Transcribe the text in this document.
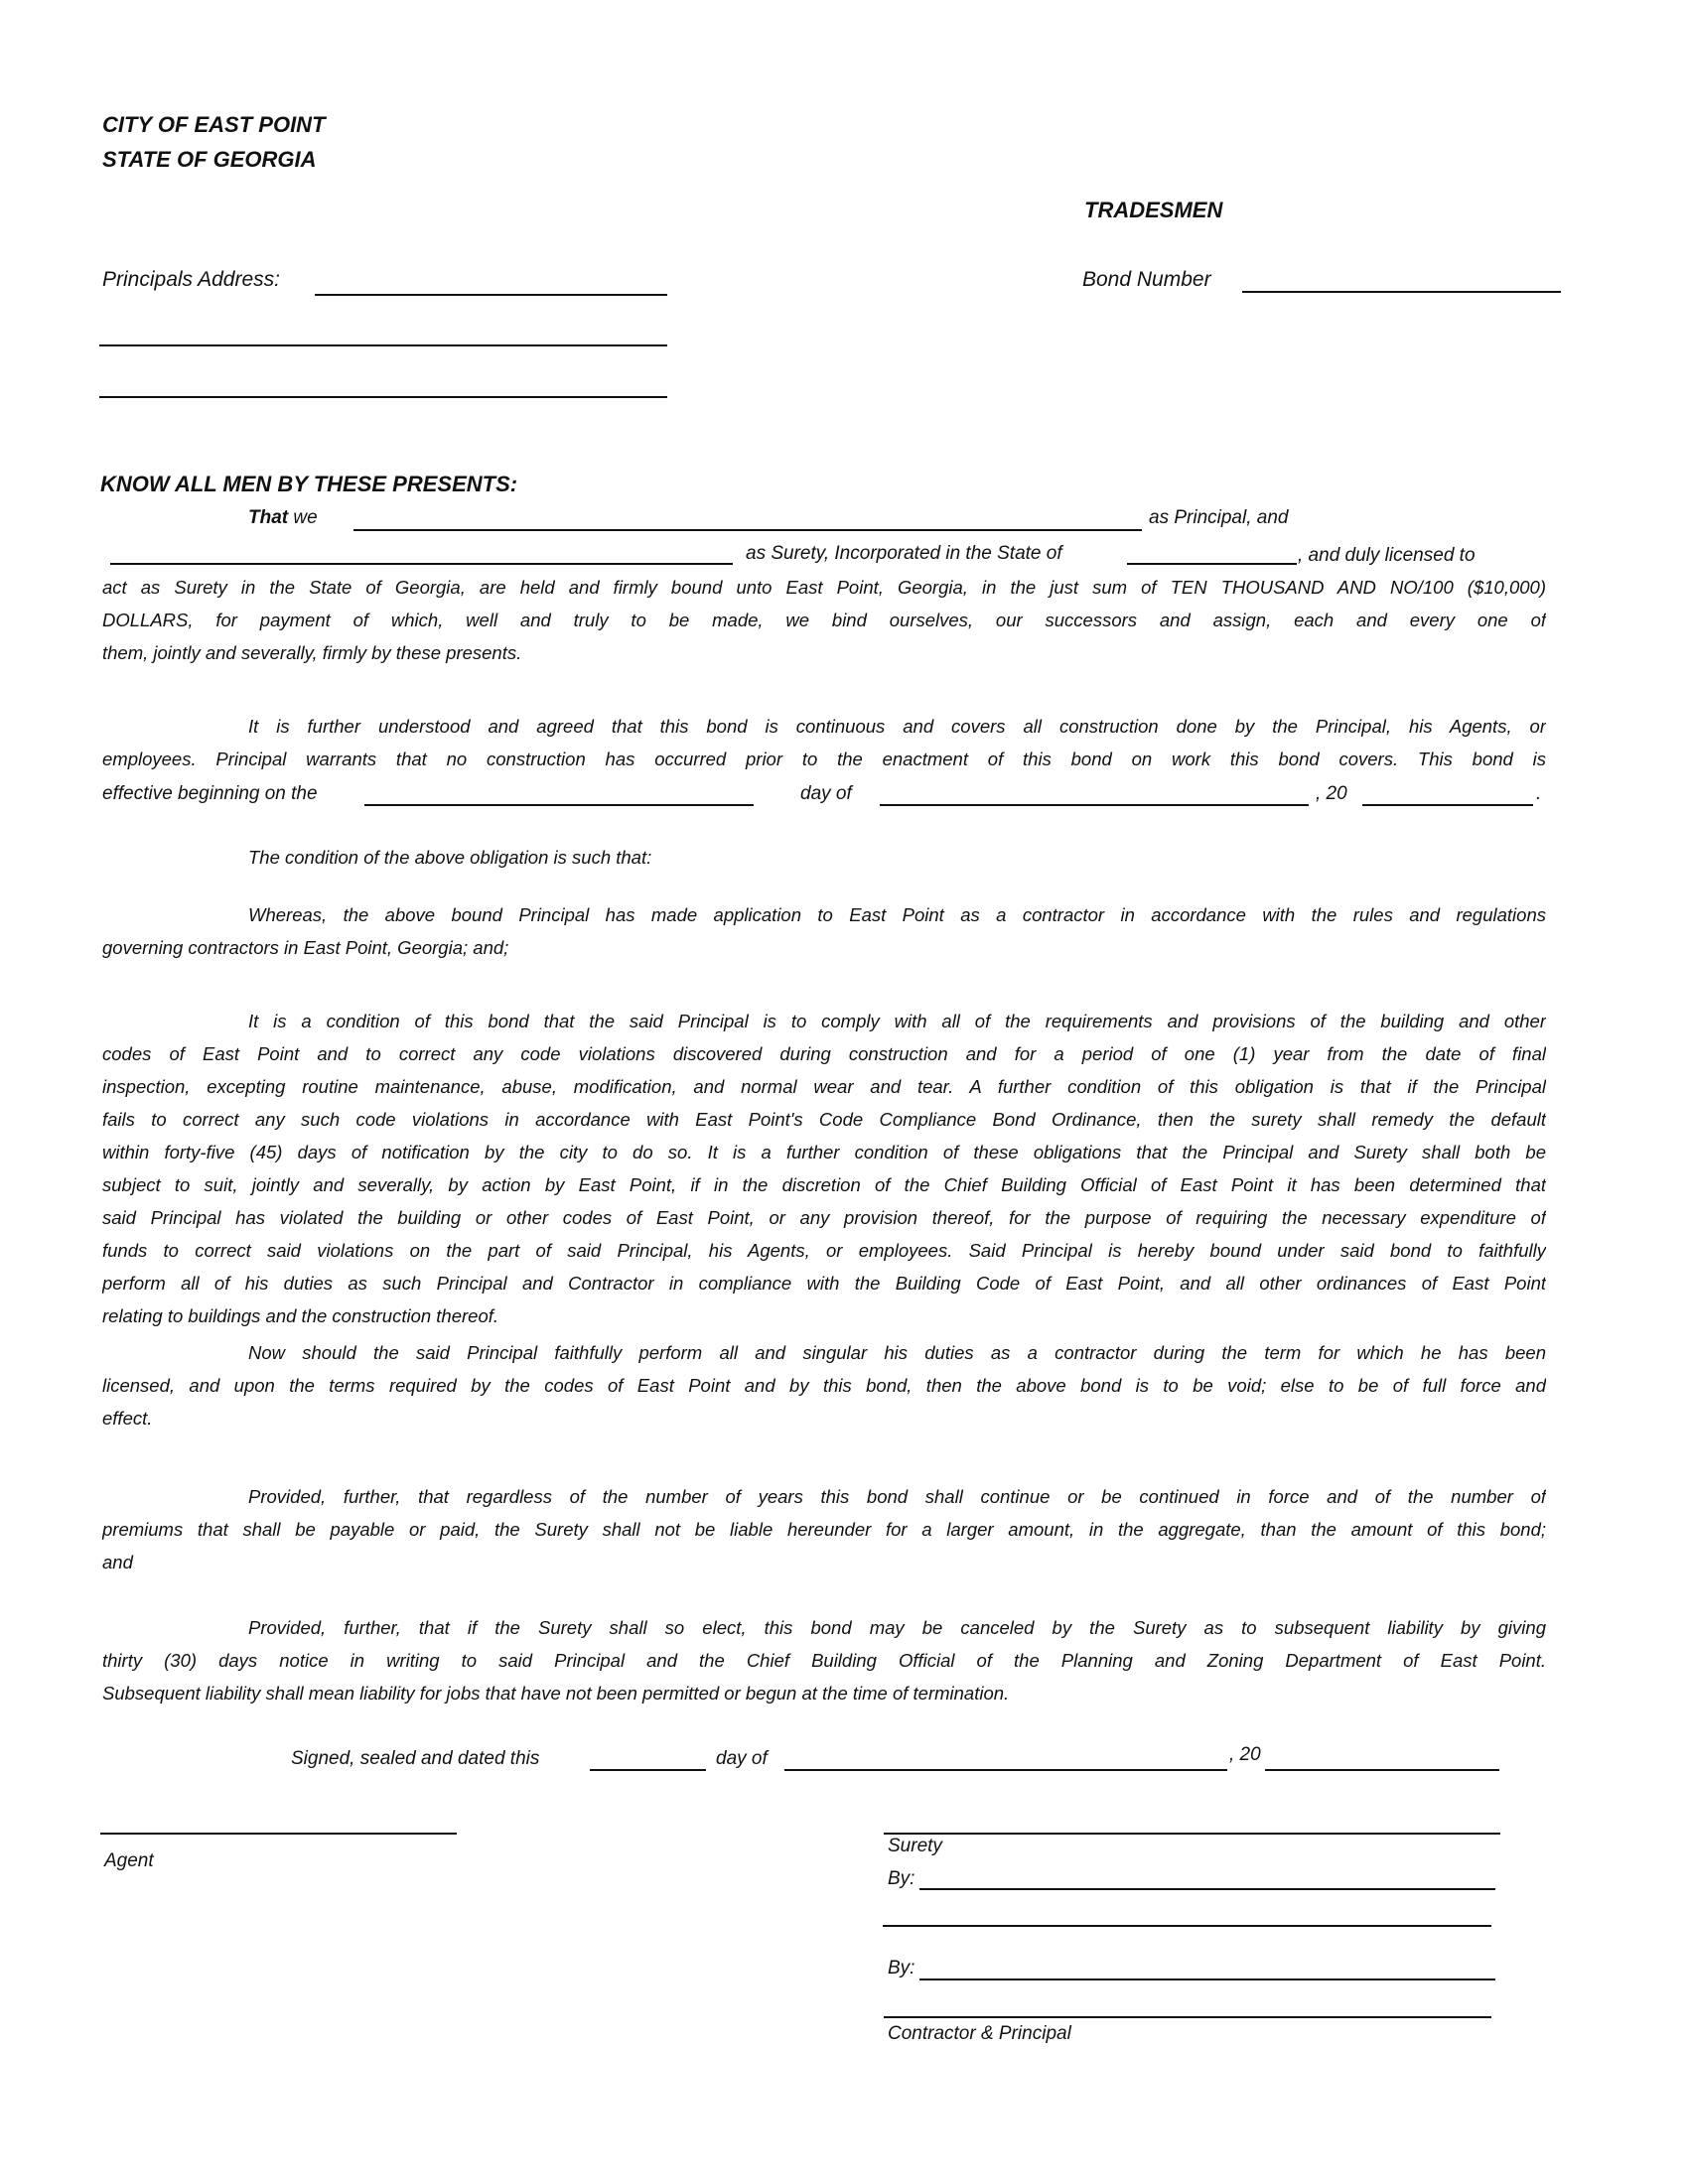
CITY OF EAST POINT
STATE OF GEORGIA
TRADESMEN
Principals Address:	Bond Number
KNOW ALL MEN BY THESE PRESENTS:
That we	as Principal, and
as Surety, Incorporated in the State of	, and duly licensed to
act as Surety in the State of Georgia, are held and firmly bound unto East Point, Georgia, in the just sum of TEN THOUSAND AND NO/100 ($10,000)
DOLLARS, for payment of which, well and truly to be made, we bind ourselves, our successors and assign, each and every one of
them, jointly and severally, firmly by these presents.
It is further understood and agreed that this bond is continuous and covers all construction done by the Principal, his Agents, or
employees. Principal warrants that no construction has occurred prior to the enactment of this bond on work this bond covers. This bond is
effective beginning on the	day of	, 20	.
The condition of the above obligation is such that:
Whereas, the above bound Principal has made application to East Point as a contractor in accordance with the rules and regulations
governing contractors in East Point, Georgia; and;
It is a condition of this bond that the said Principal is to comply with all of the requirements and provisions of the building and other
codes of East Point and to correct any code violations discovered during construction and for a period of one (1) year from the date of final
inspection, excepting routine maintenance, abuse, modification, and normal wear and tear. A further condition of this obligation is that if the Principal
fails to correct any such code violations in accordance with East Point's Code Compliance Bond Ordinance, then the surety shall remedy the default
within forty-five (45) days of notification by the city to do so. It is a further condition of these obligations that the Principal and Surety shall both be
subject to suit, jointly and severally, by action by East Point, if in the discretion of the Chief Building Official of East Point it has been determined that
said Principal has violated the building or other codes of East Point, or any provision thereof, for the purpose of requiring the necessary expenditure of
funds to correct said violations on the part of said Principal, his Agents, or employees. Said Principal is hereby bound under said bond to faithfully
perform all of his duties as such Principal and Contractor in compliance with the Building Code of East Point, and all other ordinances of East Point
relating to buildings and the construction thereof.
Now should the said Principal faithfully perform all and singular his duties as a contractor during the term for which he has been
licensed, and upon the terms required by the codes of East Point and by this bond, then the above bond is to be void; else to be of full force and
effect.
Provided, further, that regardless of the number of years this bond shall continue or be continued in force and of the number of
premiums that shall be payable or paid, the Surety shall not be liable hereunder for a larger amount, in the aggregate, than the amount of this bond;
and
Provided, further, that if the Surety shall so elect, this bond may be canceled by the Surety as to subsequent liability by giving
thirty (30) days notice in writing to said Principal and the Chief Building Official of the Planning and Zoning Department of East Point.
Subsequent liability shall mean liability for jobs that have not been permitted or begun at the time of termination.
Signed, sealed and dated this	day of	, 20
Agent
Surety
By:
By:
Contractor & Principal
